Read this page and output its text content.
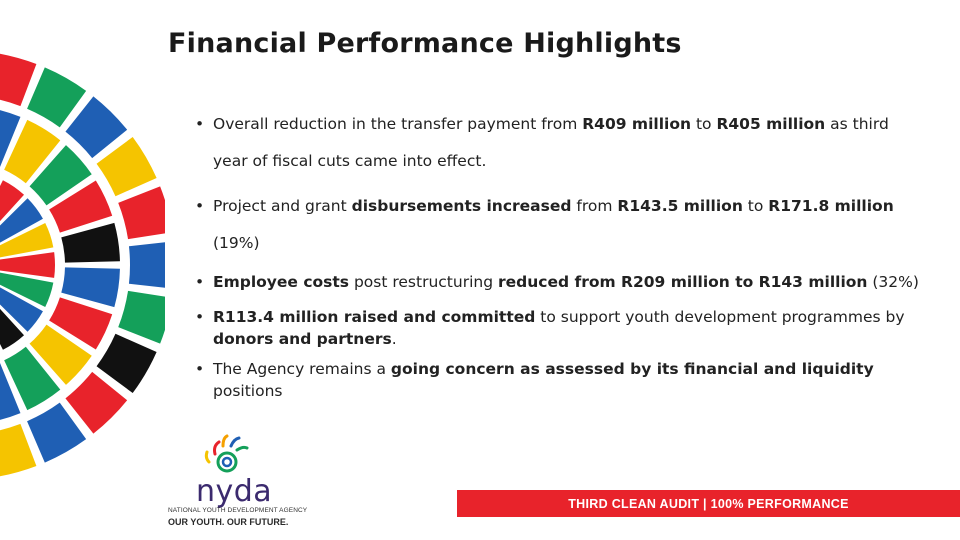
Financial Performance Highlights
• Overall reduction in the transfer payment from R409 million to R405 million as third year of fiscal cuts came into effect.
• Project and grant disbursements increased from R143.5 million to R171.8 million (19%)
• Employee costs post restructuring reduced from R209 million to R143 million (32%)
• R113.4 million raised and committed to support youth development programmes by donors and partners.
• The Agency remains a going concern as assessed by its financial and liquidity positions
nyda
NATIONAL YOUTH DEVELOPMENT AGENCY
OUR YOUTH. OUR FUTURE.
THIRD CLEAN AUDIT | 100% PERFORMANCE
